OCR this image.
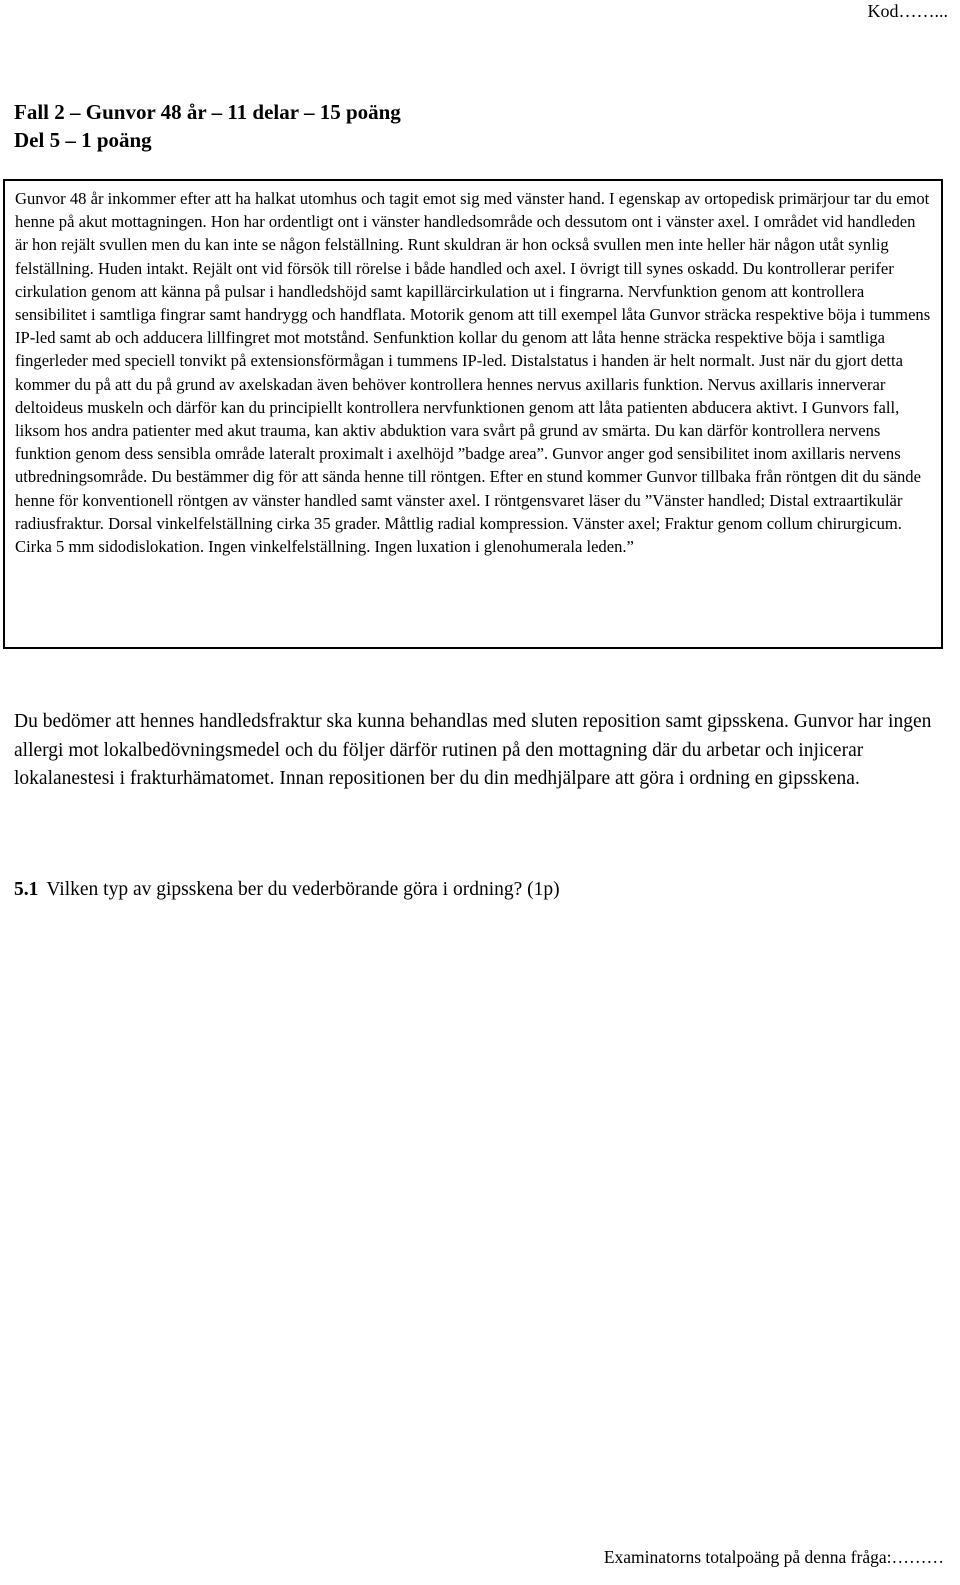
Kod……...
Fall 2 – Gunvor 48 år – 11 delar – 15 poäng
Del 5 – 1 poäng

Gunvor 48 år inkommer efter att ha halkat utomhus och tagit emot sig med vänster hand. I egenskap av ortopedisk primärjour tar du emot henne på akut mottagningen. Hon har ordentligt ont i vänster handledsområde och dessutom ont i vänster axel. I området vid handleden är hon rejält svullen men du kan inte se någon felställning. Runt skuldran är hon också svullen men inte heller här någon utåt synlig felställning. Huden intakt. Rejält ont vid försök till rörelse i både handled och axel. I övrigt till synes oskadd. Du kontrollerar perifer cirkulation genom att känna på pulsar i handledshöjd samt kapillärcirkulation ut i fingrarna. Nervfunktion genom att kontrollera sensibilitet i samtliga fingrar samt handrygg och handflata. Motorik genom att till exempel låta Gunvor sträcka respektive böja i tummens IP-led samt ab och adducera lillfingret mot motstånd. Senfunktion kollar du genom att låta henne sträcka respektive böja i samtliga fingerleder med speciell tonvikt på extensionsförmågan i tummens IP-led. Distalstatus i handen är helt normalt. Just när du gjort detta kommer du på att du på grund av axelskadan även behöver kontrollera hennes nervus axillaris funktion. Nervus axillaris innerverar deltoideus muskeln och därför kan du principiellt kontrollera nervfunktionen genom att låta patienten abducera aktivt. I Gunvors fall, liksom hos andra patienter med akut trauma, kan aktiv abduktion vara svårt på grund av smärta. Du kan därför kontrollera nervens funktion genom dess sensibla område lateralt proximalt i axelhöjd ”badge area”. Gunvor anger god sensibilitet inom axillaris nervens utbredningsområde. Du bestämmer dig för att sända henne till röntgen. Efter en stund kommer Gunvor tillbaka från röntgen dit du sände henne för konventionell röntgen av vänster handled samt vänster axel. I röntgensvaret läser du ”Vänster handled; Distal extraartikulär radiusfraktur. Dorsal vinkelfelställning cirka 35 grader. Måttlig radial kompression. Vänster axel; Fraktur genom collum chirurgicum. Cirka 5 mm sidodislokation. Ingen vinkelfelställning. Ingen luxation i glenohumerala leden.”

Du bedömer att hennes handledsfraktur ska kunna behandlas med sluten reposition samt gipsskena. Gunvor har ingen allergi mot lokalbedövningsmedel och du följer därför rutinen på den mottagning där du arbetar och injicerar lokalanestesi i frakturhämatomet. Innan repositionen ber du din medhjälpare att göra i ordning en gipsskena.
5.1 Vilken typ av gipsskena ber du vederbörande göra i ordning? (1p)
Examinatorns totalpoäng på denna fråga:………
